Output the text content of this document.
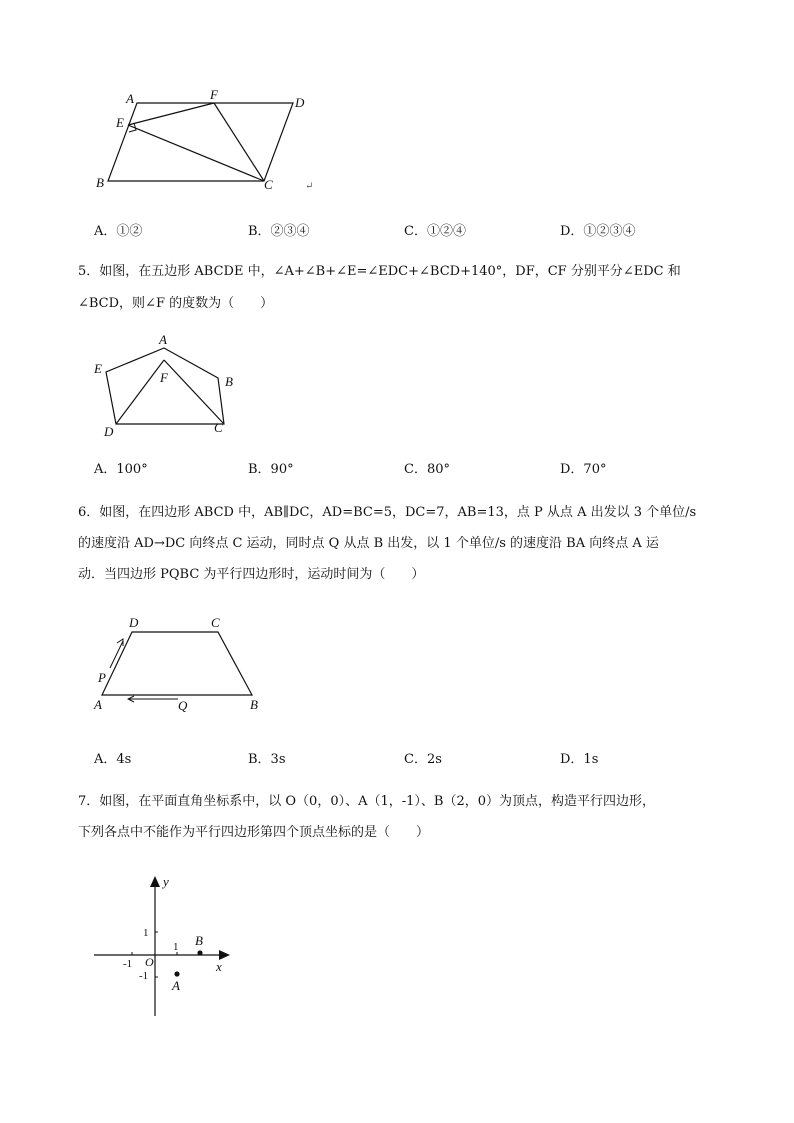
A	F
D
E
B	C	↵
A．①②	B．②③④	C．①②④	D．①②③④
5．如图，在五边形 ABCDE 中，∠A+∠B+∠E=∠EDC+∠BCD+140°，DF，CF 分别平分∠EDC 和
∠BCD，则∠F 的度数为（　　）
A
E
F	B
D	C
A．100°	B．90°	C．80°	D．70°
6．如图，在四边形 ABCD 中，AB∥DC，AD=BC=5，DC=7，AB=13，点 P 从点 A 出发以 3 个单位/s
的速度沿 AD→DC 向终点 C 运动，同时点 Q 从点 B 出发，以 1 个单位/s 的速度沿 BA 向终点 A 运
动．当四边形 PQBC 为平行四边形时，运动时间为（　　）
D	C
P
A	Q	B
A．4s	B．3s	C．2s	D．1s
7．如图，在平面直角坐标系中，以 O（0，0）、A（1，-1）、B（2，0）为顶点，构造平行四边形，
下列各点中不能作为平行四边形第四个顶点坐标的是（　　）
y
x
1
-1 O
1 B
-1
A
